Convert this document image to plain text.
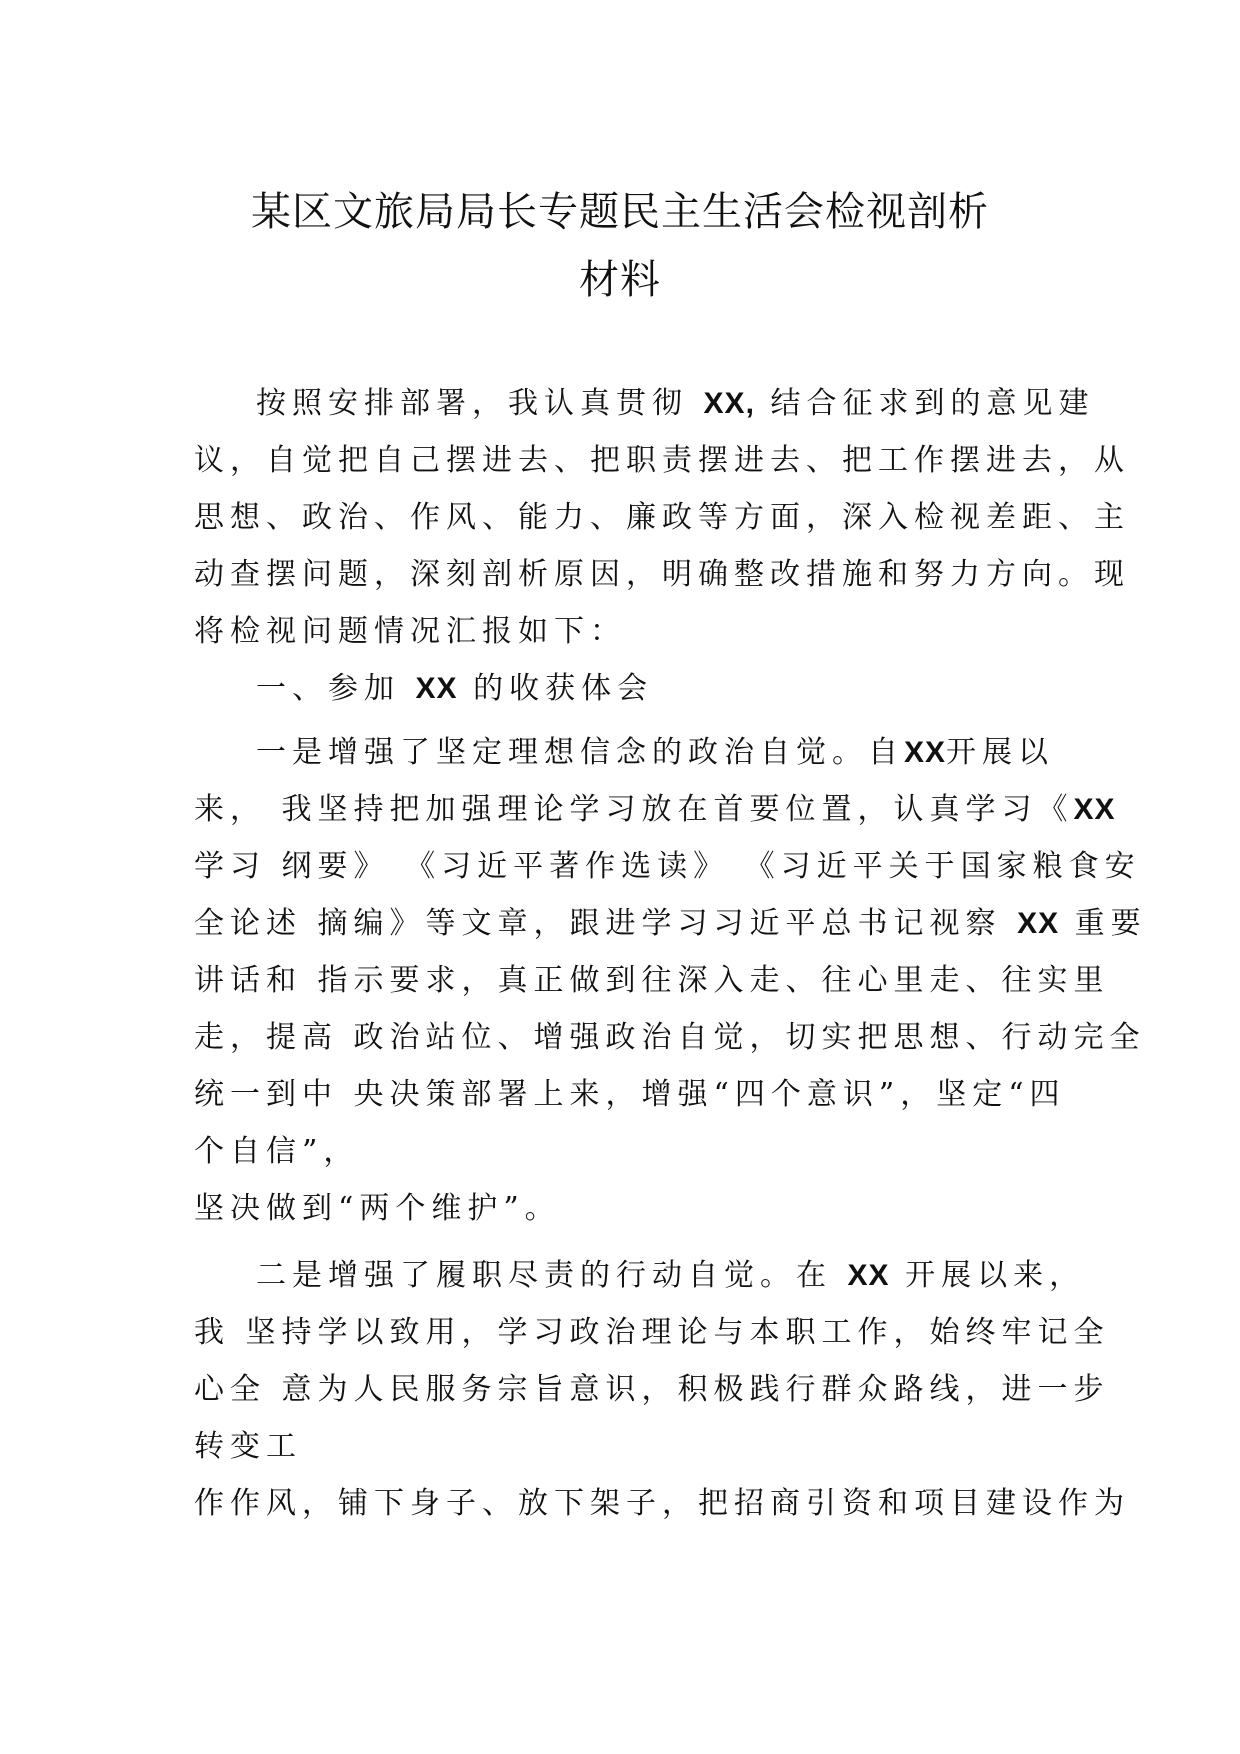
某区文旅局局长专题民主生活会检视剖析
材料
按照安排部署，我认真贯彻 XX, 结合征求到的意见建
议，自觉把自己摆进去、把职责摆进去、把工作摆进去，从
思想、政治、作风、能力、廉政等方面，深入检视差距、主
动查摆问题，深刻剖析原因，明确整改措施和努力方向。现
将检视问题情况汇报如下：
一、参加 XX 的收获体会
一是增强了坚定理想信念的政治自觉。自XX开展以
来， 我坚持把加强理论学习放在首要位置，认真学习《XX
学习 纲要》 《习近平著作选读》 《习近平关于国家粮食安
全论述 摘编》等文章，跟进学习习近平总书记视察 XX 重要
讲话和 指示要求，真正做到往深入走、往心里走、往实里
走，提高 政治站位、增强政治自觉，切实把思想、行动完全
统一到中 央决策部署上来，增强“四个意识”，坚定“四
个自信”，
坚决做到“两个维护”。
二是增强了履职尽责的行动自觉。在 XX 开展以来，
我 坚持学以致用，学习政治理论与本职工作，始终牢记全
心全 意为人民服务宗旨意识，积极践行群众路线，进一步
转变工
作作风，铺下身子、放下架子，把招商引资和项目建设作为
